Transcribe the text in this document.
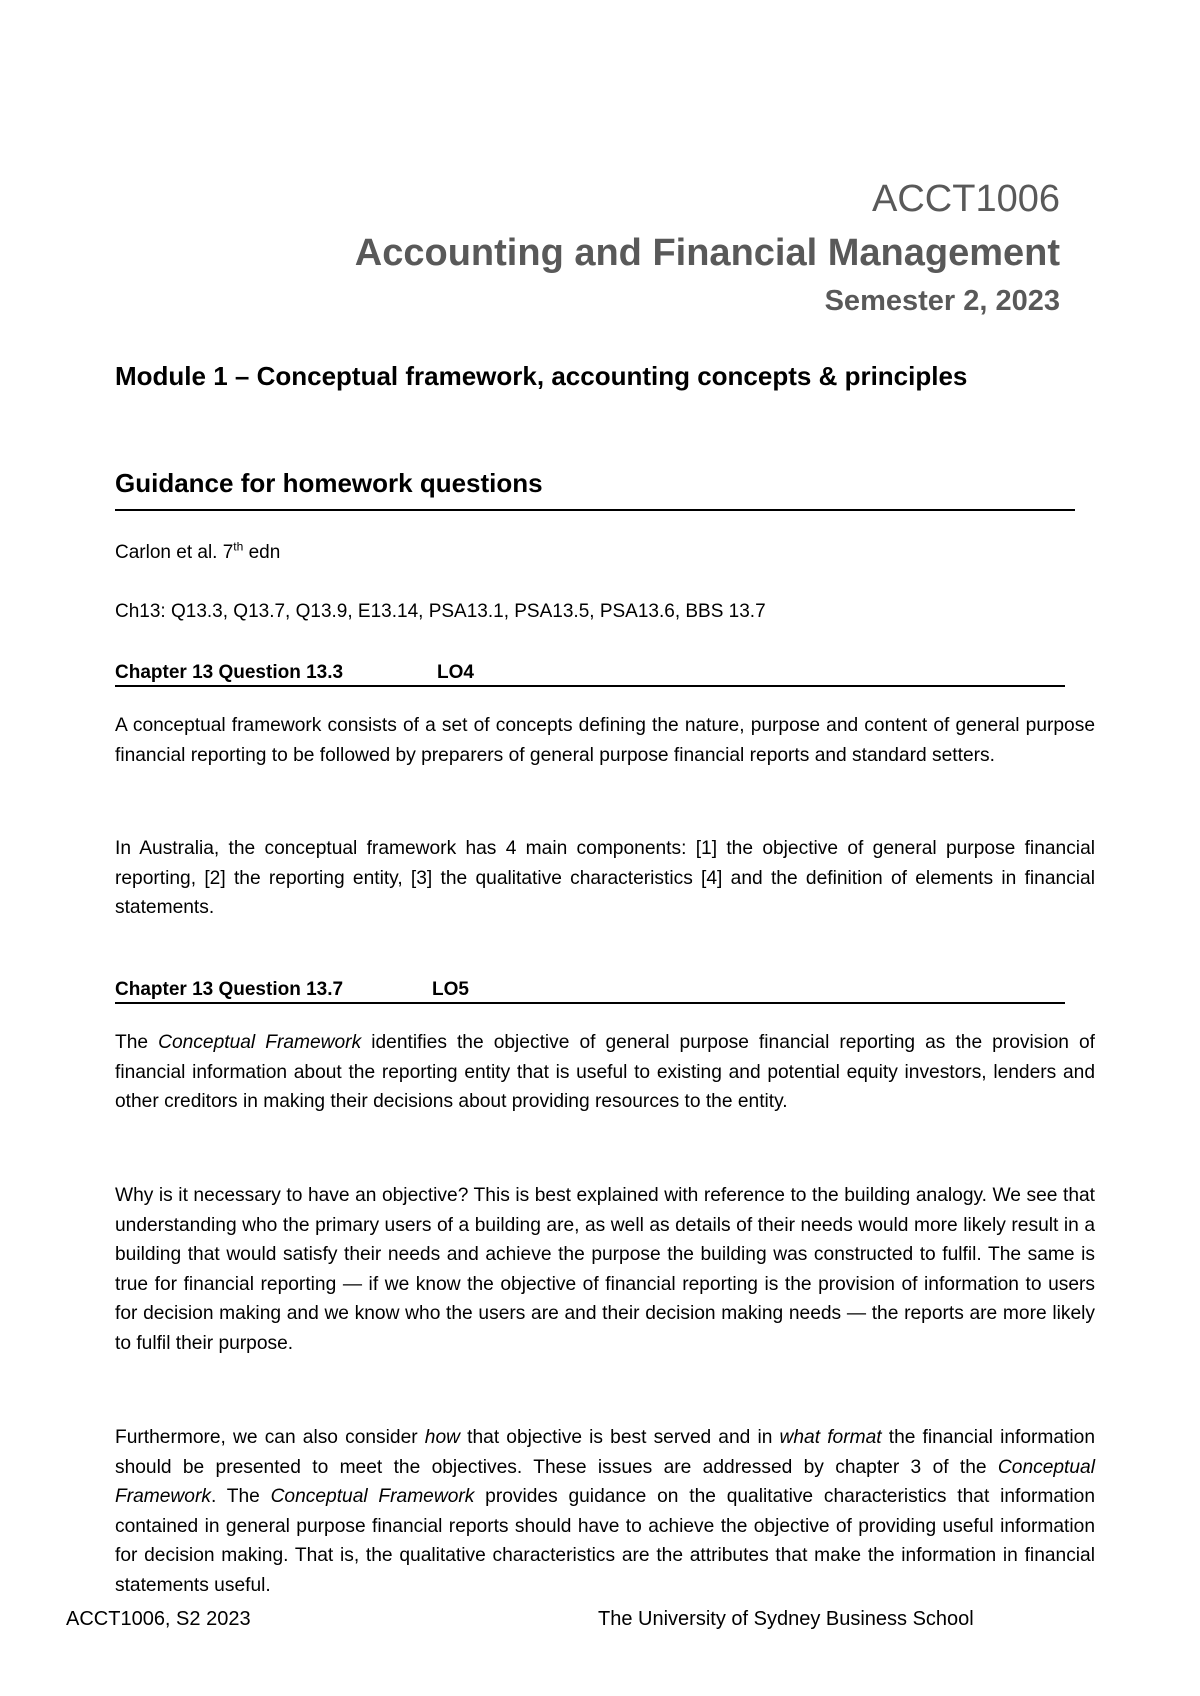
ACCT1006
Accounting and Financial Management
Semester 2, 2023
Module 1 – Conceptual framework, accounting concepts & principles
Guidance for homework questions
Carlon et al. 7th edn
Ch13: Q13.3, Q13.7, Q13.9, E13.14, PSA13.1, PSA13.5, PSA13.6, BBS 13.7
Chapter 13 Question 13.3	LO4
A conceptual framework consists of a set of concepts defining the nature, purpose and content of general purpose financial reporting to be followed by preparers of general purpose financial reports and standard setters.
In Australia, the conceptual framework has 4 main components: [1] the objective of general purpose financial reporting, [2] the reporting entity, [3] the qualitative characteristics [4] and the definition of elements in financial statements.
Chapter 13 Question 13.7	LO5
The Conceptual Framework identifies the objective of general purpose financial reporting as the provision of financial information about the reporting entity that is useful to existing and potential equity investors, lenders and other creditors in making their decisions about providing resources to the entity.
Why is it necessary to have an objective? This is best explained with reference to the building analogy. We see that understanding who the primary users of a building are, as well as details of their needs would more likely result in a building that would satisfy their needs and achieve the purpose the building was constructed to fulfil. The same is true for financial reporting — if we know the objective of financial reporting is the provision of information to users for decision making and we know who the users are and their decision making needs — the reports are more likely to fulfil their purpose.
Furthermore, we can also consider how that objective is best served and in what format the financial information should be presented to meet the objectives. These issues are addressed by chapter 3 of the Conceptual Framework. The Conceptual Framework provides guidance on the qualitative characteristics that information contained in general purpose financial reports should have to achieve the objective of providing useful information for decision making. That is, the qualitative characteristics are the attributes that make the information in financial statements useful.
ACCT1006, S2 2023	The University of Sydney Business School
